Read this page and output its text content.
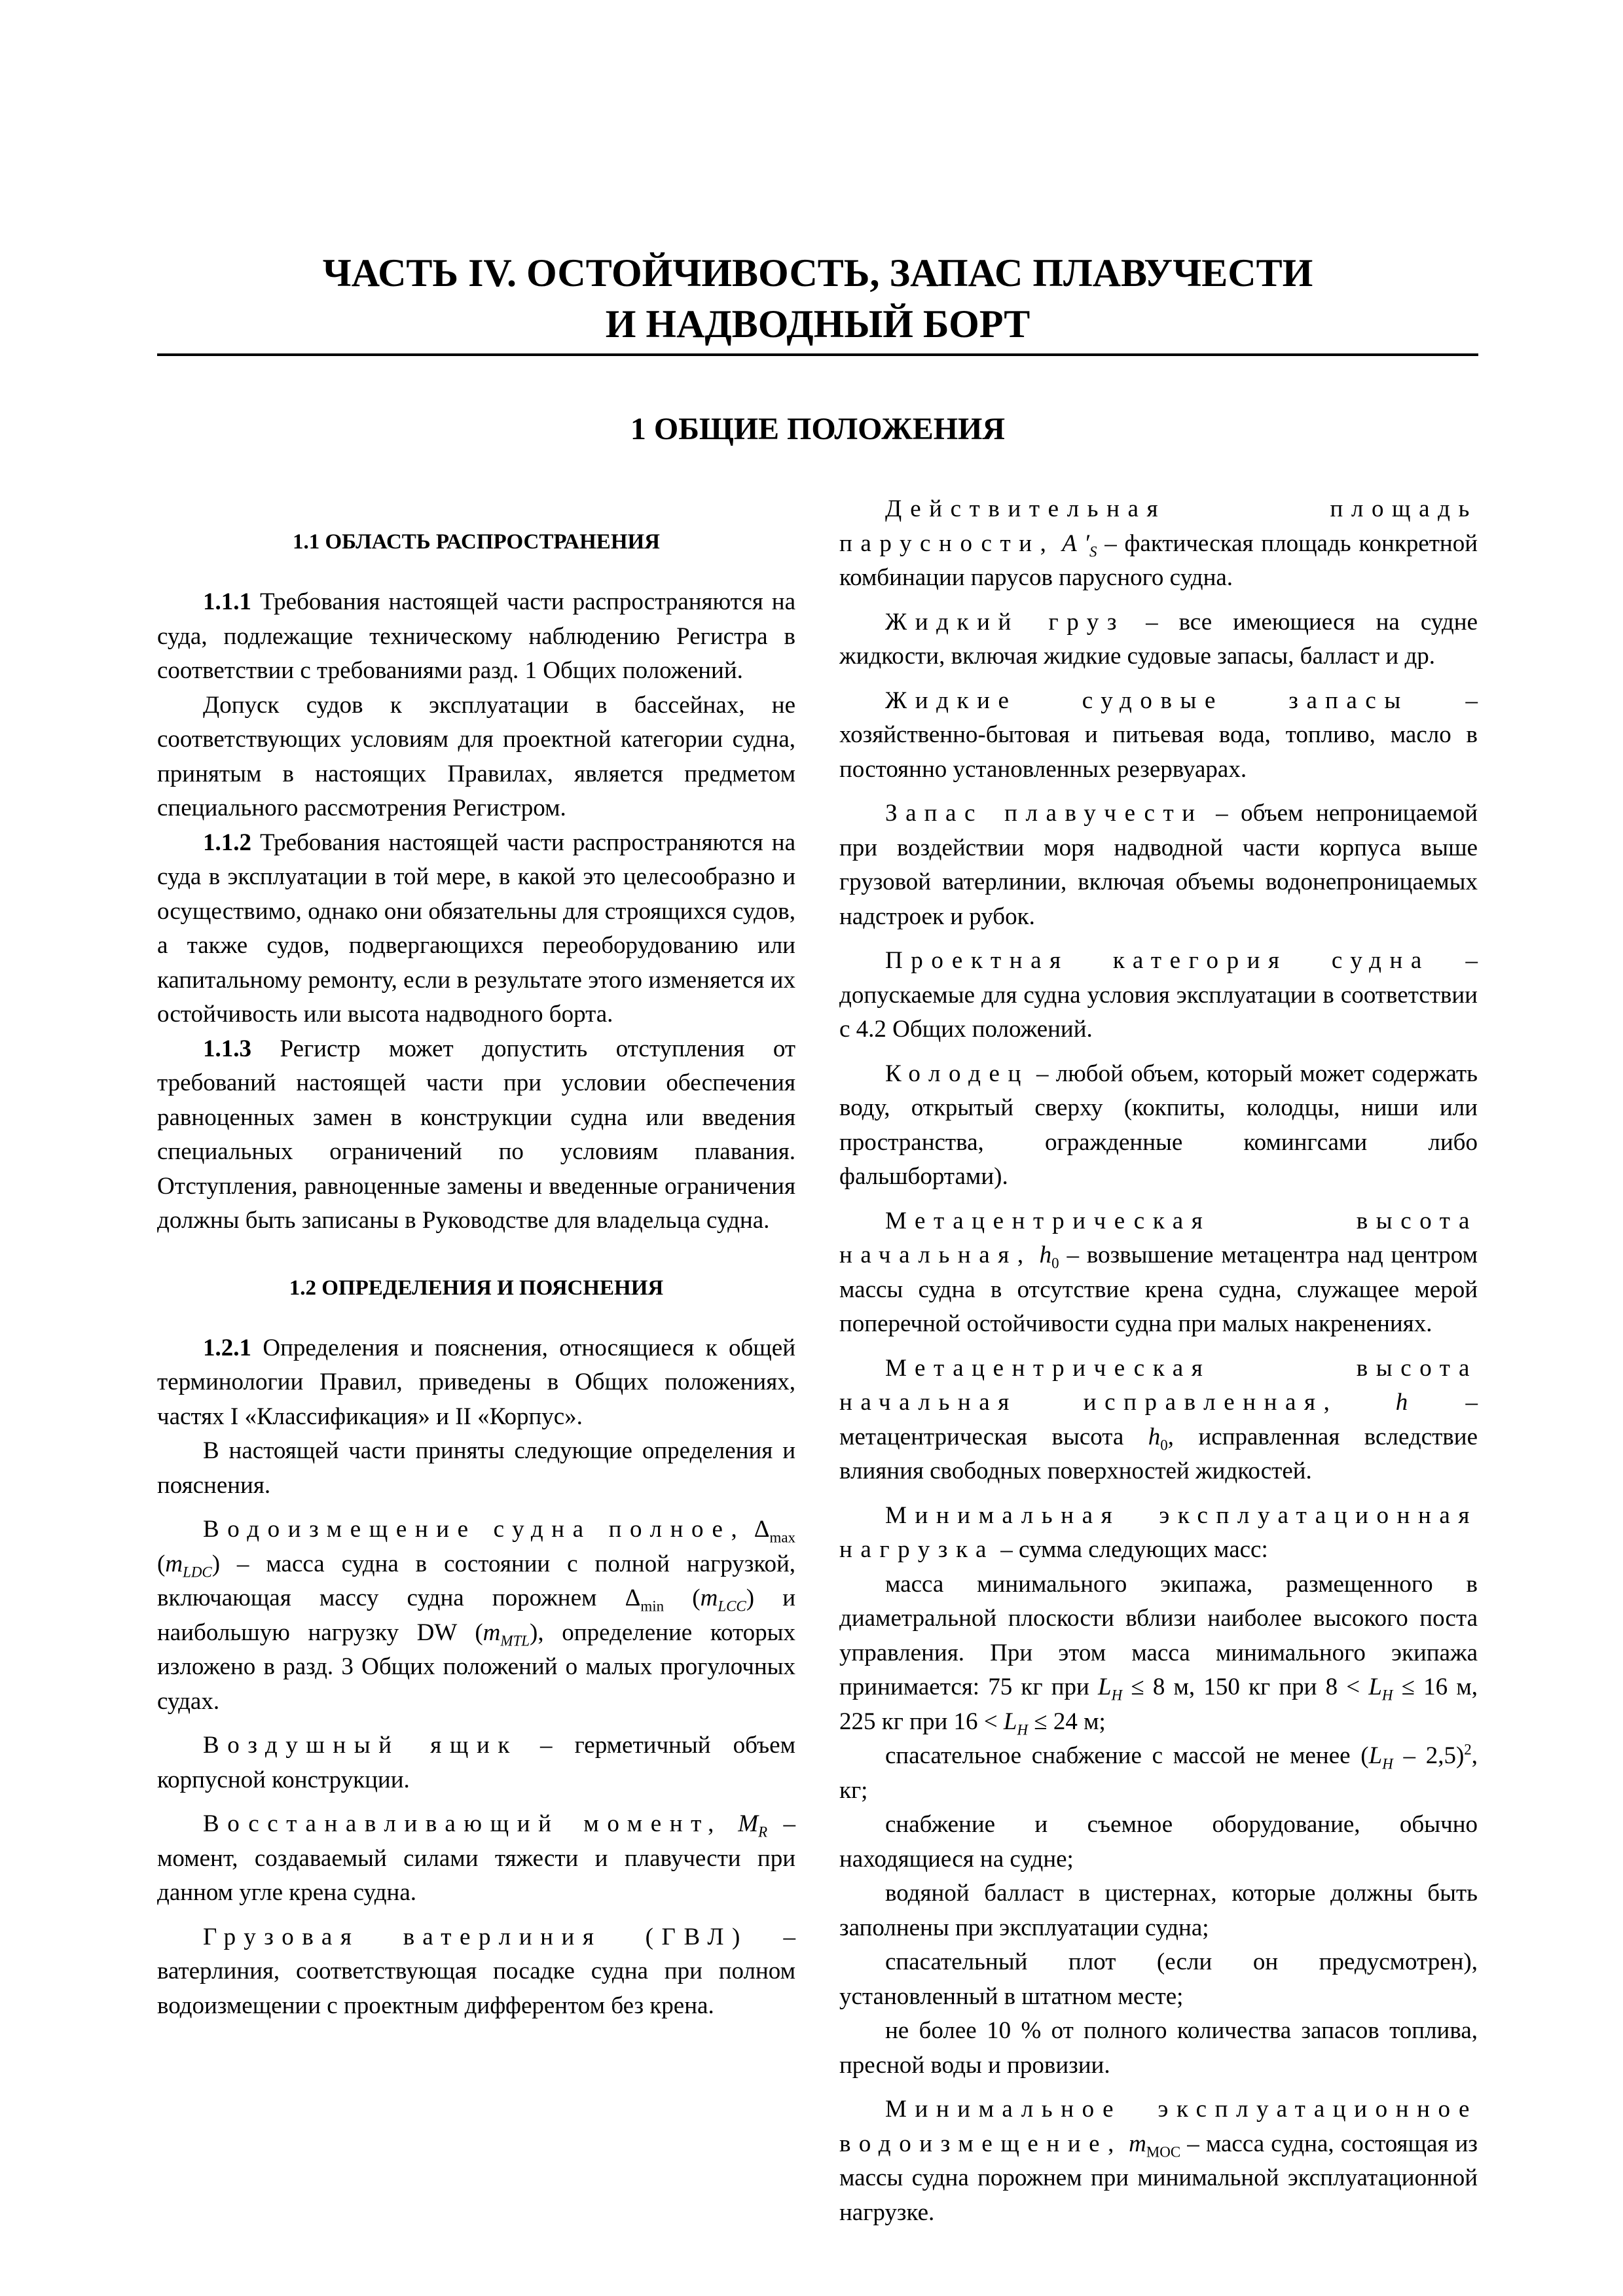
ЧАСТЬ IV. ОСТОЙЧИВОСТЬ, ЗАПАС ПЛАВУЧЕСТИ
И НАДВОДНЫЙ БОРТ
1 ОБЩИЕ ПОЛОЖЕНИЯ
1.1 ОБЛАСТЬ РАСПРОСТРАНЕНИЯ

1.1.1 Требования настоящей части распространяются на суда, подлежащие техническому наблюдению Регистра в соответствии с требованиями разд. 1 Общих положений.

Допуск судов к эксплуатации в бассейнах, не соответствующих условиям для проектной категории судна, принятым в настоящих Правилах, является предметом специального рассмотрения Регистром.

1.1.2 Требования настоящей части распространяются на суда в эксплуатации в той мере, в какой это целесообразно и осуществимо, однако они обязательны для строящихся судов, а также судов, подвергающихся переоборудованию или капитальному ремонту, если в результате этого изменяется их остойчивость или высота надводного борта.

1.1.3 Регистр может допустить отступления от требований настоящей части при условии обеспечения равноценных замен в конструкции судна или введения специальных ограничений по условиям плавания. Отступления, равноценные замены и введенные ограничения должны быть записаны в Руководстве для владельца судна.

1.2 ОПРЕДЕЛЕНИЯ И ПОЯСНЕНИЯ

1.2.1 Определения и пояснения, относящиеся к общей терминологии Правил, приведены в Общих положениях, частях I «Классификация» и II «Корпус».

В настоящей части приняты следующие определения и пояснения.

Водоизмещение судна полное, $\Delta_{max}$ $(m_{LDC})$ – масса судна в состоянии с полной нагрузкой, включающая массу судна порожнем $\Delta_{min}$ $(m_{LCC})$ и наибольшую нагрузку DW $(m_{MTL})$, определение которых изложено в разд. 3 Общих положений о малых прогулочных судах.

Воздушный ящик – герметичный объем корпусной конструкции.

Восстанавливающий момент, $M_R$ – момент, создаваемый силами тяжести и плавучести при данном угле крена судна.

Грузовая ватерлиния (ГВЛ) – ватерлиния, соответствующая посадке судна при полном водоизмещении с проектным дифферентом без крена.

Действительная площадь парусности, A $'_S$ – фактическая площадь конкретной комбинации парусов парусного судна.

Жидкий груз – все имеющиеся на судне жидкости, включая жидкие судовые запасы, балласт и др.

Жидкие судовые запасы – хозяйственно-бытовая и питьевая вода, топливо, масло в постоянно установленных резервуарах.

Запас плавучести – объем непроницаемой при воздействии моря надводной части корпуса выше грузовой ватерлинии, включая объемы водонепроницаемых надстроек и рубок.

Проектная категория судна – допускаемые для судна условия эксплуатации в соответствии с 4.2 Общих положений.

Колодец – любой объем, который может содержать воду, открытый сверху (кокпиты, колодцы, ниши или пространства, огражденные комингсами либо фальшбортами).

Метацентрическая высота начальная, $h_0$ – возвышение метацентра над центром массы судна в отсутствие крена судна, служащее мерой поперечной остойчивости судна при малых накренениях.

Метацентрическая высота начальная исправленная, h – метацентрическая высота $h_0$, исправленная вследствие влияния свободных поверхностей жидкостей.

Минимальная эксплуатационная нагрузка – сумма следующих масс:

масса минимального экипажа, размещенного в диаметральной плоскости вблизи наиболее высокого поста управления. При этом масса минимального экипажа принимается: 75 кг при $L_H \le 8$ м, 150 кг при $8 < L_H \le 16$ м, 225 кг при $16 < L_H \le 24$ м;

спасательное снабжение с массой не менее $(L_H - 2,5)^2$, кг;

снабжение и съемное оборудование, обычно находящиеся на судне;

водяной балласт в цистернах, которые должны быть заполнены при эксплуатации судна;

спасательный плот (если он предусмотрен), установленный в штатном месте;

не более 10 % от полного количества запасов топлива, пресной воды и провизии.

Минимальное эксплуатационное водоизмещение, $m_{MOC}$ – масса судна, состоящая из массы судна порожнем при минимальной эксплуатационной нагрузке.
